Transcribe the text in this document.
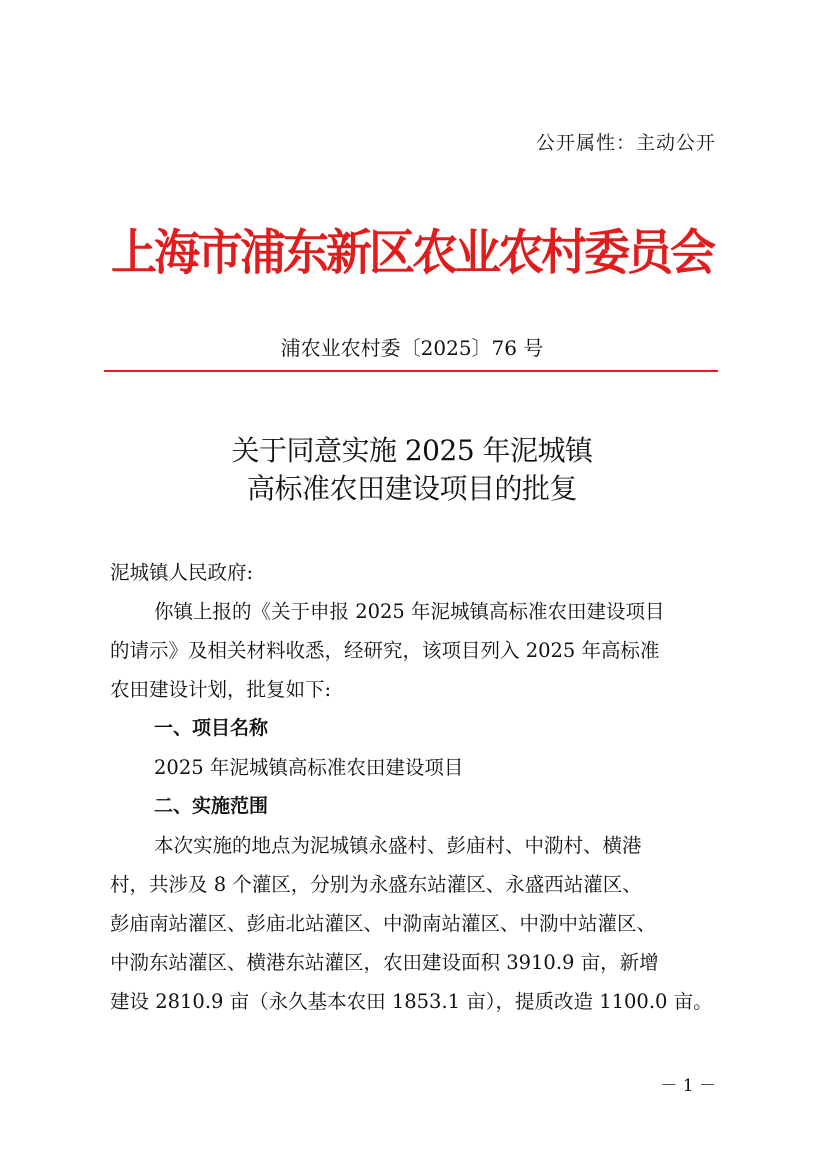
公开属性：主动公开
上海市浦东新区农业农村委员会
浦农业农村委〔2025〕76 号
关于同意实施 2025 年泥城镇
高标准农田建设项目的批复
泥城镇人民政府:
你镇上报的《关于申报 2025 年泥城镇高标准农田建设项目
的请示》及相关材料收悉，经研究，该项目列入 2025 年高标准
农田建设计划，批复如下:
一、项目名称
2025 年泥城镇高标准农田建设项目
二、实施范围
本次实施的地点为泥城镇永盛村、彭庙村、中泐村、横港
村，共涉及 8 个灌区，分别为永盛东站灌区、永盛西站灌区、
彭庙南站灌区、彭庙北站灌区、中泐南站灌区、中泐中站灌区、
中泐东站灌区、横港东站灌区，农田建设面积 3910.9 亩，新增
建设 2810.9 亩（永久基本农田 1853.1 亩），提质改造 1100.0 亩。
－ 1 －
